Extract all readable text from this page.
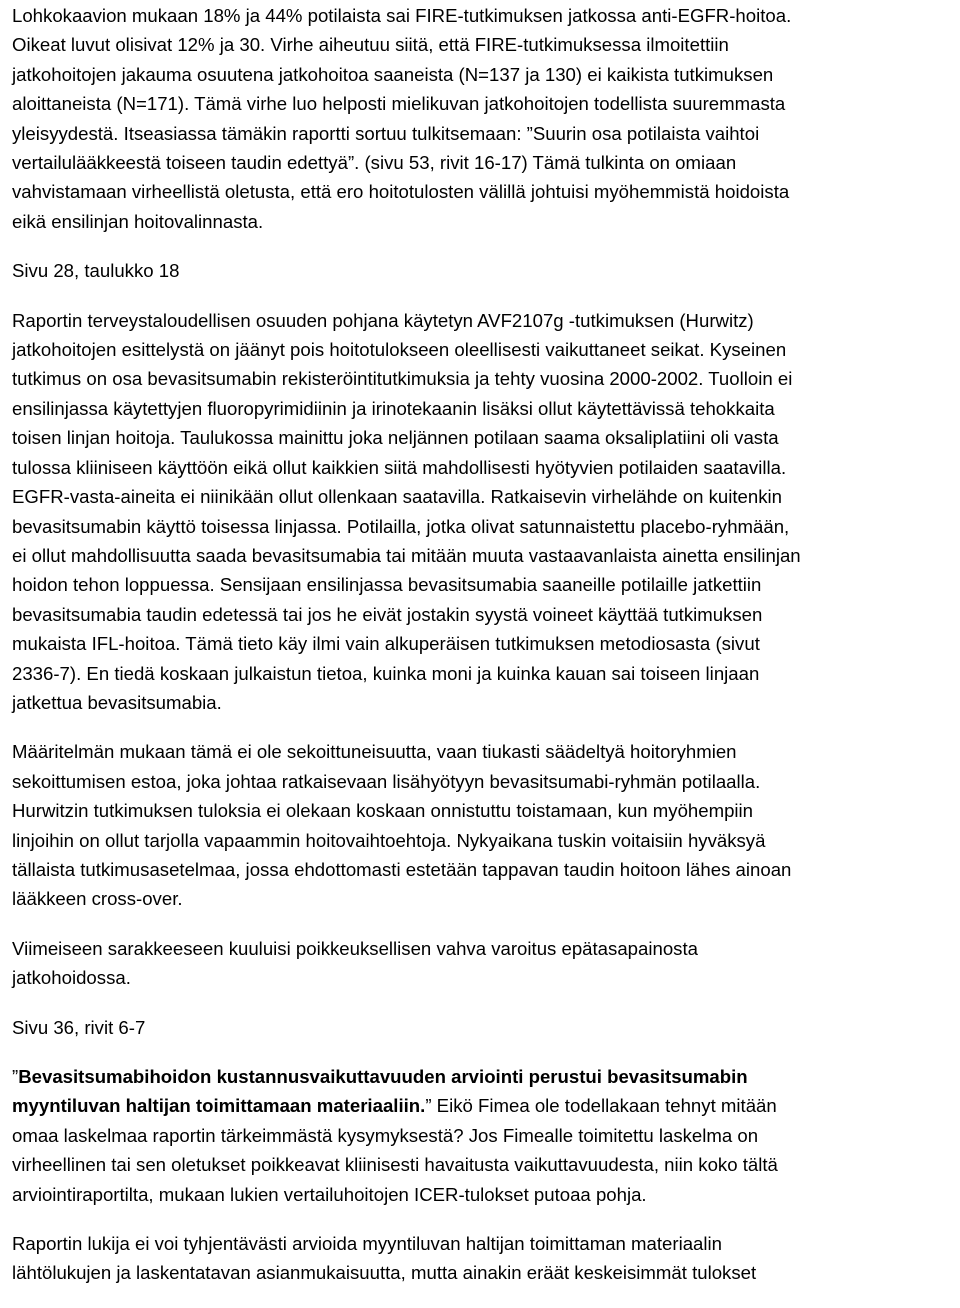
Lohkokaavion mukaan 18% ja 44% potilaista sai FIRE-tutkimuksen jatkossa anti-EGFR-hoitoa.
Oikeat luvut olisivat 12% ja 30. Virhe aiheutuu siitä, että FIRE-tutkimuksessa ilmoitettiin
jatkohoitojen jakauma osuutena jatkohoitoa saaneista (N=137 ja 130) ei kaikista tutkimuksen
aloittaneista (N=171). Tämä virhe luo helposti mielikuvan jatkohoitojen todellista suuremmasta
yleisyydestä. Itseasiassa tämäkin raportti sortuu tulkitsemaan: ”Suurin osa potilaista vaihtoi
vertailulääkkeestä toiseen taudin edettyä”. (sivu 53, rivit 16-17) Tämä tulkinta on omiaan
vahvistamaan virheellistä oletusta, että ero hoitotulosten välillä johtuisi myöhemmistä hoidoista
eikä ensilinjan hoitovalinnasta.

Sivu 28, taulukko 18

Raportin terveystaloudellisen osuuden pohjana käytetyn AVF2107g -tutkimuksen (Hurwitz)
jatkohoitojen esittelystä on jäänyt pois hoitotulokseen oleellisesti vaikuttaneet seikat. Kyseinen
tutkimus on osa bevasitsumabin rekisteröintitutkimuksia ja tehty vuosina 2000-2002. Tuolloin ei
ensilinjassa käytettyjen fluoropyrimidiinin ja irinotekaanin lisäksi ollut käytettävissä tehokkaita
toisen linjan hoitoja. Taulukossa mainittu joka neljännen potilaan saama oksaliplatiini oli vasta
tulossa kliiniseen käyttöön eikä ollut kaikkien siitä mahdollisesti hyötyvien potilaiden saatavilla.
EGFR-vasta-aineita ei niinikään ollut ollenkaan saatavilla. Ratkaisevin virhelähde on kuitenkin
bevasitsumabin käyttö toisessa linjassa. Potilailla, jotka olivat satunnaistettu placebo-ryhmään,
ei ollut mahdollisuutta saada bevasitsumabia tai mitään muuta vastaavanlaista ainetta ensilinjan
hoidon tehon loppuessa. Sensijaan ensilinjassa bevasitsumabia saaneille potilaille jatkettiin
bevasitsumabia taudin edetessä tai jos he eivät jostakin syystä voineet käyttää tutkimuksen
mukaista IFL-hoitoa. Tämä tieto käy ilmi vain alkuperäisen tutkimuksen metodiosasta (sivut
2336-7). En tiedä koskaan julkaistun tietoa, kuinka moni ja kuinka kauan sai toiseen linjaan
jatkettua bevasitsumabia.

Määritelmän mukaan tämä ei ole sekoittuneisuutta, vaan tiukasti säädeltyä hoitoryhmien
sekoittumisen estoa, joka johtaa ratkaisevaan lisähyötyyn bevasitsumabi-ryhmän potilaalla.
Hurwitzin tutkimuksen tuloksia ei olekaan koskaan onnistuttu toistamaan, kun myöhempiin
linjoihin on ollut tarjolla vapaammin hoitovaihtoehtoja. Nykyaikana tuskin voitaisiin hyväksyä
tällaista tutkimusasetelmaa, jossa ehdottomasti estetään tappavan taudin hoitoon lähes ainoan
lääkkeen cross-over.

Viimeiseen sarakkeeseen kuuluisi poikkeuksellisen vahva varoitus epätasapainosta
jatkohoidossa.

Sivu 36, rivit 6-7

”Bevasitsumabihoidon kustannusvaikuttavuuden arviointi perustui bevasitsumabin
myyntiluvan haltijan toimittamaan materiaaliin.” Eikö Fimea ole todellakaan tehnyt mitään
omaa laskelmaa raportin tärkeimmästä kysymyksestä? Jos Fimealle toimitettu laskelma on
virheellinen tai sen oletukset poikkeavat kliinisesti havaitusta vaikuttavuudesta, niin koko tältä
arviointiraportilta, mukaan lukien vertailuhoitojen ICER-tulokset putoaa pohja.

Raportin lukija ei voi tyhjentävästi arvioida myyntiluvan haltijan toimittaman materiaalin
lähtölukujen ja laskentatavan asianmukaisuutta, mutta ainakin eräät keskeisimmät tulokset
